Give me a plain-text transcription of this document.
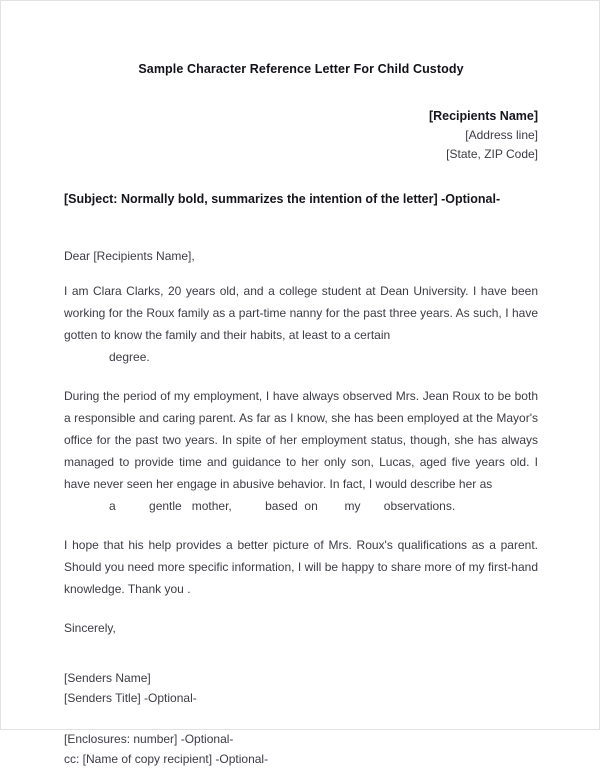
Sample Character Reference Letter For Child Custody
[Recipients Name]
[Address line]
[State, ZIP Code]
[Subject: Normally bold, summarizes the intention of the letter] -Optional-
Dear [Recipients Name],
I am Clara Clarks, 20 years old, and a college student at Dean University. I have been working for the Roux family as a part-time nanny for the past three years. As such, I have gotten to know the family and their habits, at least to a certain
degree.
During the period of my employment, I have always observed Mrs. Jean Roux to be both a responsible and caring parent. As far as I know, she has been employed at the Mayor's office for the past two years. In spite of her employment status, though, she has always managed to provide time and guidance to her only son, Lucas, aged five years old. I have never seen her engage in abusive behavior. In fact, I would describe her as
a          gentle   mother,          based  on        my       observations.
I hope that his help provides a better picture of Mrs. Roux's qualifications as a parent. Should you need more specific information, I will be happy to share more of my first-hand knowledge. Thank you .
Sincerely,
[Senders Name]
[Senders Title] -Optional-
[Enclosures: number] -Optional-
cc: [Name of copy recipient] -Optional-
